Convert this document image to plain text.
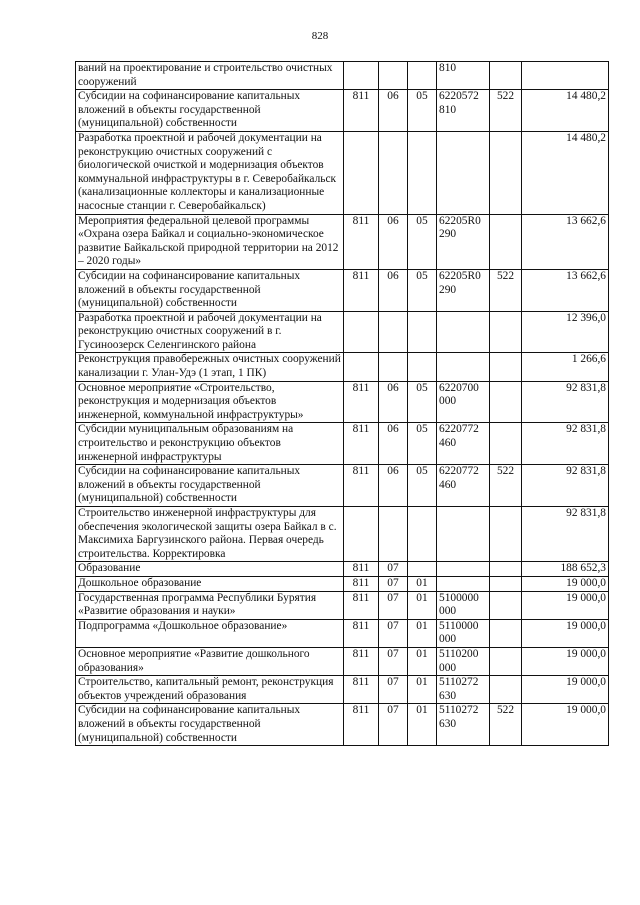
828
ваний на проектирование и строительство очистных сооружений				810		
Субсидии на софинансирование капитальных вложений в объекты государственной (муниципальной) собственности	811	06	05	6220572 810	522	14 480,2
Разработка проектной и рабочей документации на реконструкцию очистных сооружений с биологической очисткой и модернизация объектов коммунальной инфраструктуры в г. Северобайкальск (канализационные коллекторы и канализационные насосные станции г. Северобайкальск)						14 480,2
Мероприятия федеральной целевой программы «Охрана озера Байкал и социально-экономическое развитие Байкальской природной территории на 2012 – 2020 годы»	811	06	05	62205R0 290		13 662,6
Субсидии на софинансирование капитальных вложений в объекты государственной (муниципальной) собственности	811	06	05	62205R0 290	522	13 662,6
Разработка проектной и рабочей документации на реконструкцию очистных сооружений в г. Гусиноозерск Селенгинского района						12 396,0
Реконструкция правобережных очистных сооружений канализации г. Улан-Удэ (1 этап, 1 ПК)						1 266,6
Основное мероприятие «Строительство, реконструкция и модернизация объектов инженерной, коммунальной инфраструктуры»	811	06	05	6220700 000		92 831,8
Субсидии муниципальным образованиям на строительство и реконструкцию объектов инженерной инфраструктуры	811	06	05	6220772 460		92 831,8
Субсидии на софинансирование капитальных вложений в объекты государственной (муниципальной) собственности	811	06	05	6220772 460	522	92 831,8
Строительство инженерной инфраструктуры для обеспечения экологической защиты озера Байкал в с. Максимиха Баргузинского района. Первая очередь строительства. Корректировка						92 831,8
Образование	811	07				188 652,3
Дошкольное образование	811	07	01			19 000,0
Государственная программа Республики Бурятия «Развитие образования и науки»	811	07	01	5100000 000		19 000,0
Подпрограмма «Дошкольное образование»	811	07	01	5110000 000		19 000,0
Основное мероприятие «Развитие дошкольного образования»	811	07	01	5110200 000		19 000,0
Строительство, капитальный ремонт, реконструкция объектов учреждений образования	811	07	01	5110272 630		19 000,0
Субсидии на софинансирование капитальных вложений в объекты государственной (муниципальной) собственности	811	07	01	5110272 630	522	19 000,0
